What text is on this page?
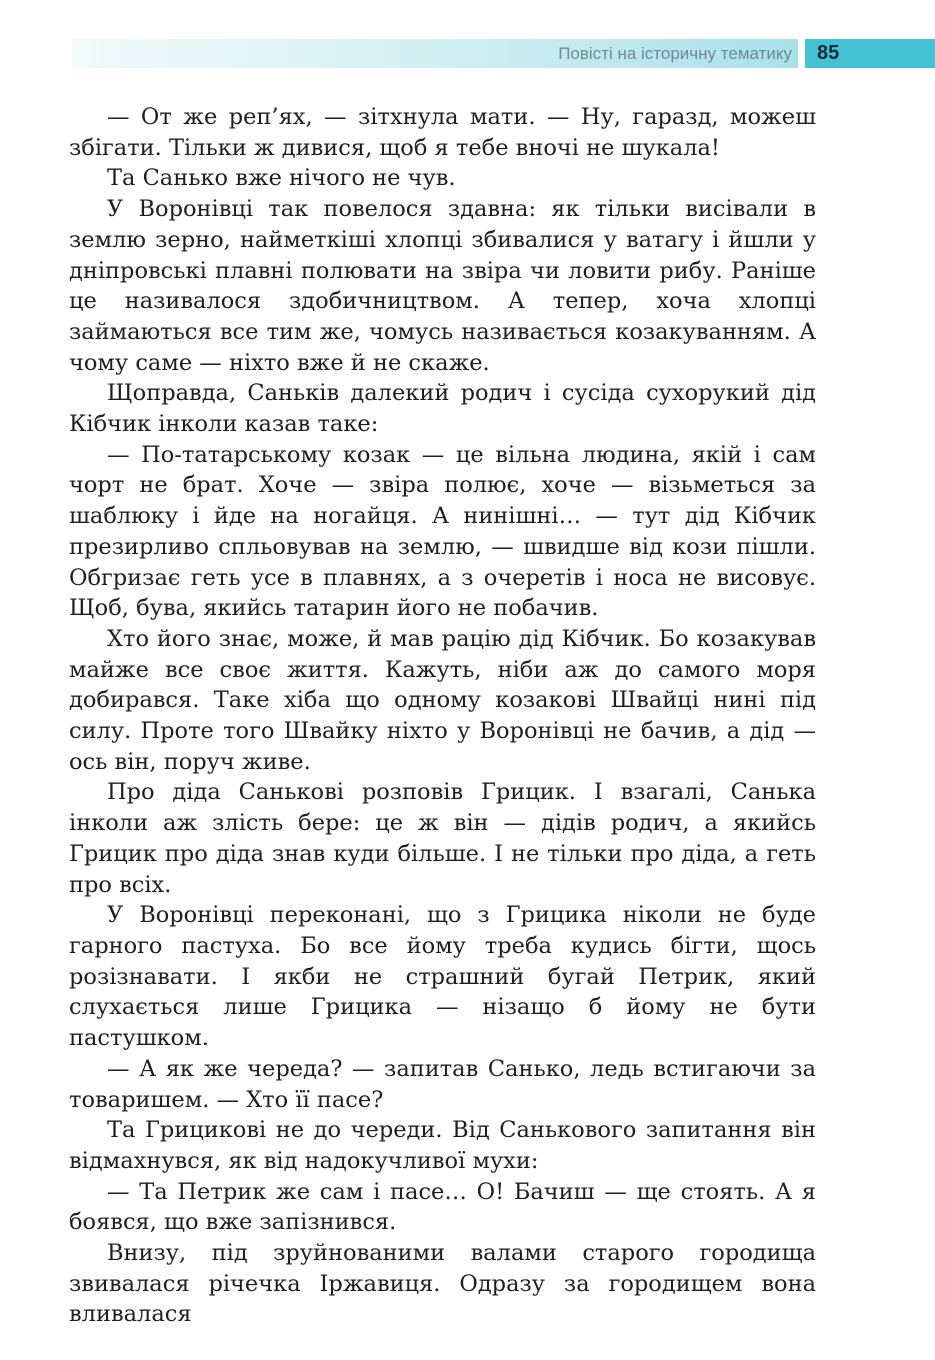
Повісті на історичну тематику 85

— От же реп’ях, — зітхнула мати. — Ну, гаразд, можеш збігати. Тільки ж дивися, щоб я тебе вночі не шукала!

Та Санько вже нічого не чув.

У Воронівці так повелося здавна: як тільки висівали в землю зерно, найметкіші хлопці збивалися у ватагу і йшли у дніпровські плавні полювати на звіра чи ловити рибу. Раніше це називалося здобичництвом. А тепер, хоча хлопці займаються все тим же, чомусь називається козакуванням. А чому саме — ніхто вже й не скаже.

Щоправда, Саньків далекий родич і сусіда сухорукий дід Кібчик інколи казав таке:

— По-татарському козак — це вільна людина, якій і сам чорт не брат. Хоче — звіра полює, хоче — візьметься за шаблюку і йде на ногайця. А нинішні… — тут дід Кібчик презирливо спльовував на землю, — швидше від кози пішли. Обгризає геть усе в плавнях, а з очеретів і носа не висовує. Щоб, бува, якийсь татарин його не побачив.

Хто його знає, може, й мав рацію дід Кібчик. Бо козакував майже все своє життя. Кажуть, ніби аж до самого моря добирався. Таке хіба що одному козакові Швайці нині під силу. Проте того Швайку ніхто у Воронівці не бачив, а дід — ось він, поруч живе.

Про діда Санькові розповів Грицик. І взагалі, Санька інколи аж злість бере: це ж він — дідів родич, а якийсь Грицик про діда знав куди більше. І не тільки про діда, а геть про всіх.

У Воронівці переконані, що з Грицика ніколи не буде гарного пастуха. Бо все йому треба кудись бігти, щось розізнавати. І якби не страшний бугай Петрик, який слухається лише Грицика — нізащо б йому не бути пастушком.

— А як же череда? — запитав Санько, ледь встигаючи за товаришем. — Хто її пасе?

Та Грицикові не до череди. Від Санькового запитання він відмахнувся, як від надокучливої мухи:

— Та Петрик же сам і пасе… О! Бачиш — ще стоять. А я боявся, що вже запізнився.

Внизу, під зруйнованими валами старого городища звивалася річечка Іржавиця. Одразу за городищем вона вливалася
